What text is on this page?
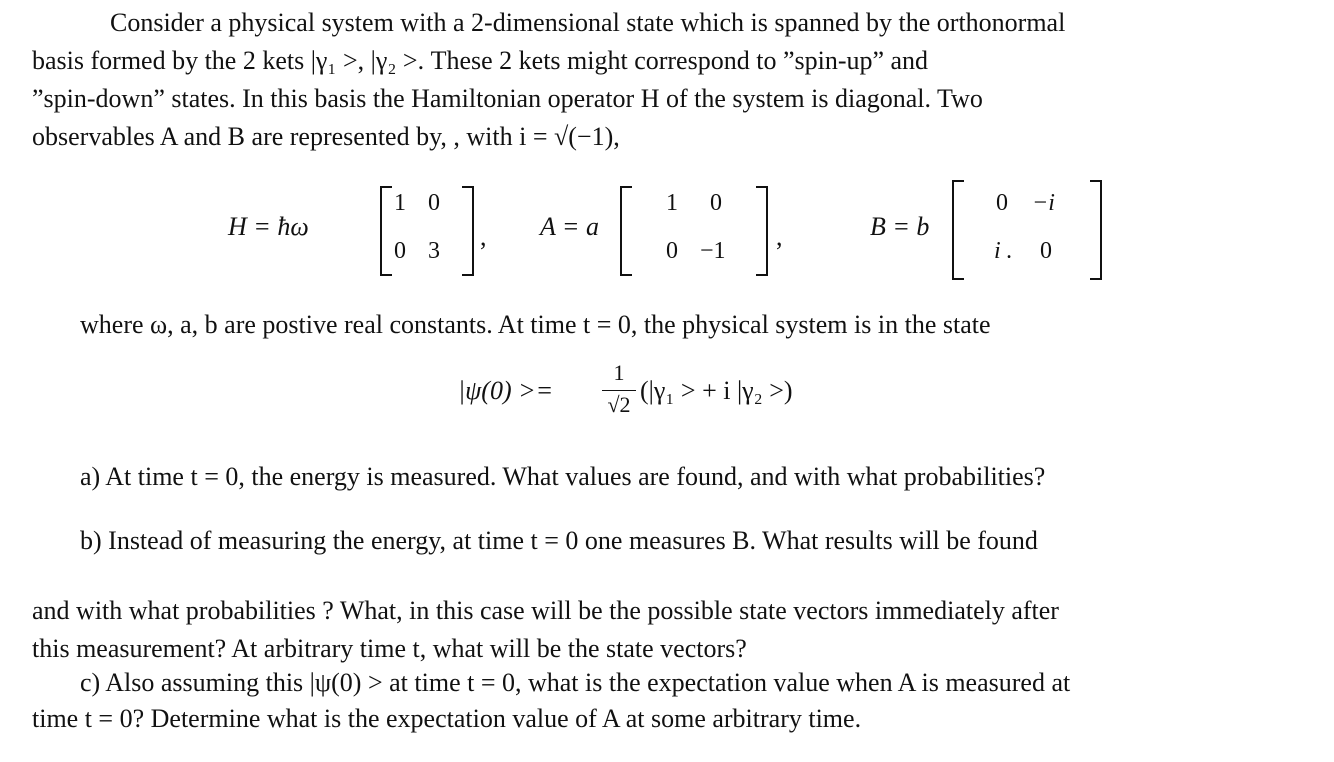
Consider a physical system with a 2-dimensional state which is spanned by the orthonormal
basis formed by the 2 kets |γ₁ >, |γ₂ >. These 2 kets might correspond to ”spin-up” and
”spin-down” states. In this basis the Hamiltonian operator H of the system is diagonal. Two
observables A and B are represented by, , with i = √(−1),
H = ħω
1 0
0 3 , A = a
1 0
0 −1 ,	B = b
0 −i
i . 0
where ω, a, b are postive real constants. At time t = 0, the physical system is in the state
|ψ(0) >=
1
√2 (|γ₁ > + i |γ₂ >)
a) At time t = 0, the energy is measured. What values are found, and with what probabilities?
b) Instead of measuring the energy, at time t = 0 one measures B. What results will be found
and with what probabilities ? What, in this case will be the possible state vectors immediately after
this measurement? At arbitrary time t, what will be the state vectors?
c) Also assuming this |ψ(0) > at time t = 0, what is the expectation value when A is measured at
time t = 0? Determine what is the expectation value of A at some arbitrary time.
